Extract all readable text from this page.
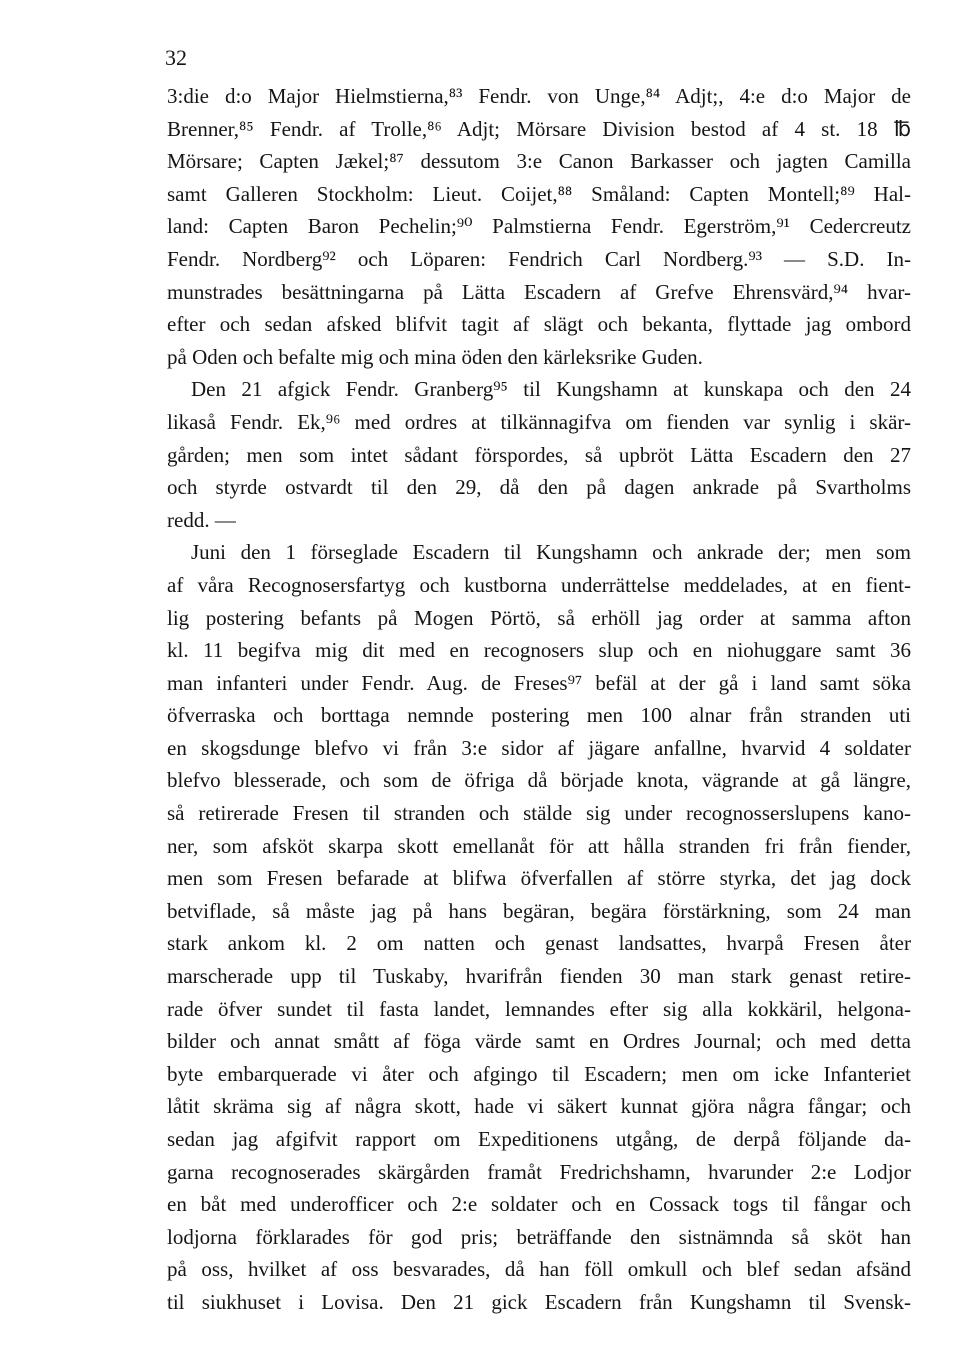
32

3:die d:o Major Hielmstierna,⁸³ Fendr. von Unge,⁸⁴ Adjt;, 4:e d:o Major de

Brenner,⁸⁵ Fendr. af Trolle,⁸⁶ Adjt; Mörsare Division bestod af 4 st. 18 ℔

Mörsare; Capten Jækel;⁸⁷ dessutom 3:e Canon Barkasser och jagten Camilla

samt Galleren Stockholm: Lieut. Coijet,⁸⁸ Småland: Capten Montell;⁸⁹ Hal-

land: Capten Baron Pechelin;⁹⁰ Palmstierna Fendr. Egerström,⁹¹ Cedercreutz

Fendr. Nordberg⁹² och Löparen: Fendrich Carl Nordberg.⁹³ — S.D. In-

munstrades besättningarna på Lätta Escadern af Grefve Ehrensvärd,⁹⁴ hvar-

efter och sedan afsked blifvit tagit af slägt och bekanta, flyttade jag ombord

på Oden och befalte mig och mina öden den kärleksrike Guden.

Den 21 afgick Fendr. Granberg⁹⁵ til Kungshamn at kunskapa och den 24

likaså Fendr. Ek,⁹⁶ med ordres at tilkännagifva om fienden var synlig i skär-

gården; men som intet sådant förspordes, så upbröt Lätta Escadern den 27

och styrde ostvardt til den 29, då den på dagen ankrade på Svartholms

redd. —

Juni den 1 förseglade Escadern til Kungshamn och ankrade der; men som

af våra Recognosersfartyg och kustborna underrättelse meddelades, at en fient-

lig postering befants på Mogen Pörtö, så erhöll jag order at samma afton

kl. 11 begifva mig dit med en recognosers slup och en niohuggare samt 36

man infanteri under Fendr. Aug. de Freses⁹⁷ befäl at der gå i land samt söka

öfverraska och borttaga nemnde postering men 100 alnar från stranden uti

en skogsdunge blefvo vi från 3:e sidor af jägare anfallne, hvarvid 4 soldater

blefvo blesserade, och som de öfriga då började knota, vägrande at gå längre,

så retirerade Fresen til stranden och stälde sig under recognosserslupens kano-

ner, som afsköt skarpa skott emellanåt för att hålla stranden fri från fiender,

men som Fresen befarade at blifwa öfverfallen af större styrka, det jag dock

betviflade, så måste jag på hans begäran, begära förstärkning, som 24 man

stark ankom kl. 2 om natten och genast landsattes, hvarpå Fresen åter

marscherade upp til Tuskaby, hvarifrån fienden 30 man stark genast retire-

rade öfver sundet til fasta landet, lemnandes efter sig alla kokkäril, helgona-

bilder och annat smått af föga värde samt en Ordres Journal; och med detta

byte embarquerade vi åter och afgingo til Escadern; men om icke Infanteriet

låtit skräma sig af några skott, hade vi säkert kunnat gjöra några fångar; och

sedan jag afgifvit rapport om Expeditionens utgång, de derpå följande da-

garna recognoserades skärgården framåt Fredrichshamn, hvarunder 2:e Lodjor

en båt med underofficer och 2:e soldater och en Cossack togs til fångar och

lodjorna förklarades för god pris; beträffande den sistnämnda så sköt han

på oss, hvilket af oss besvarades, då han föll omkull och blef sedan afsänd

til siukhuset i Lovisa. Den 21 gick Escadern från Kungshamn til Svensk-
